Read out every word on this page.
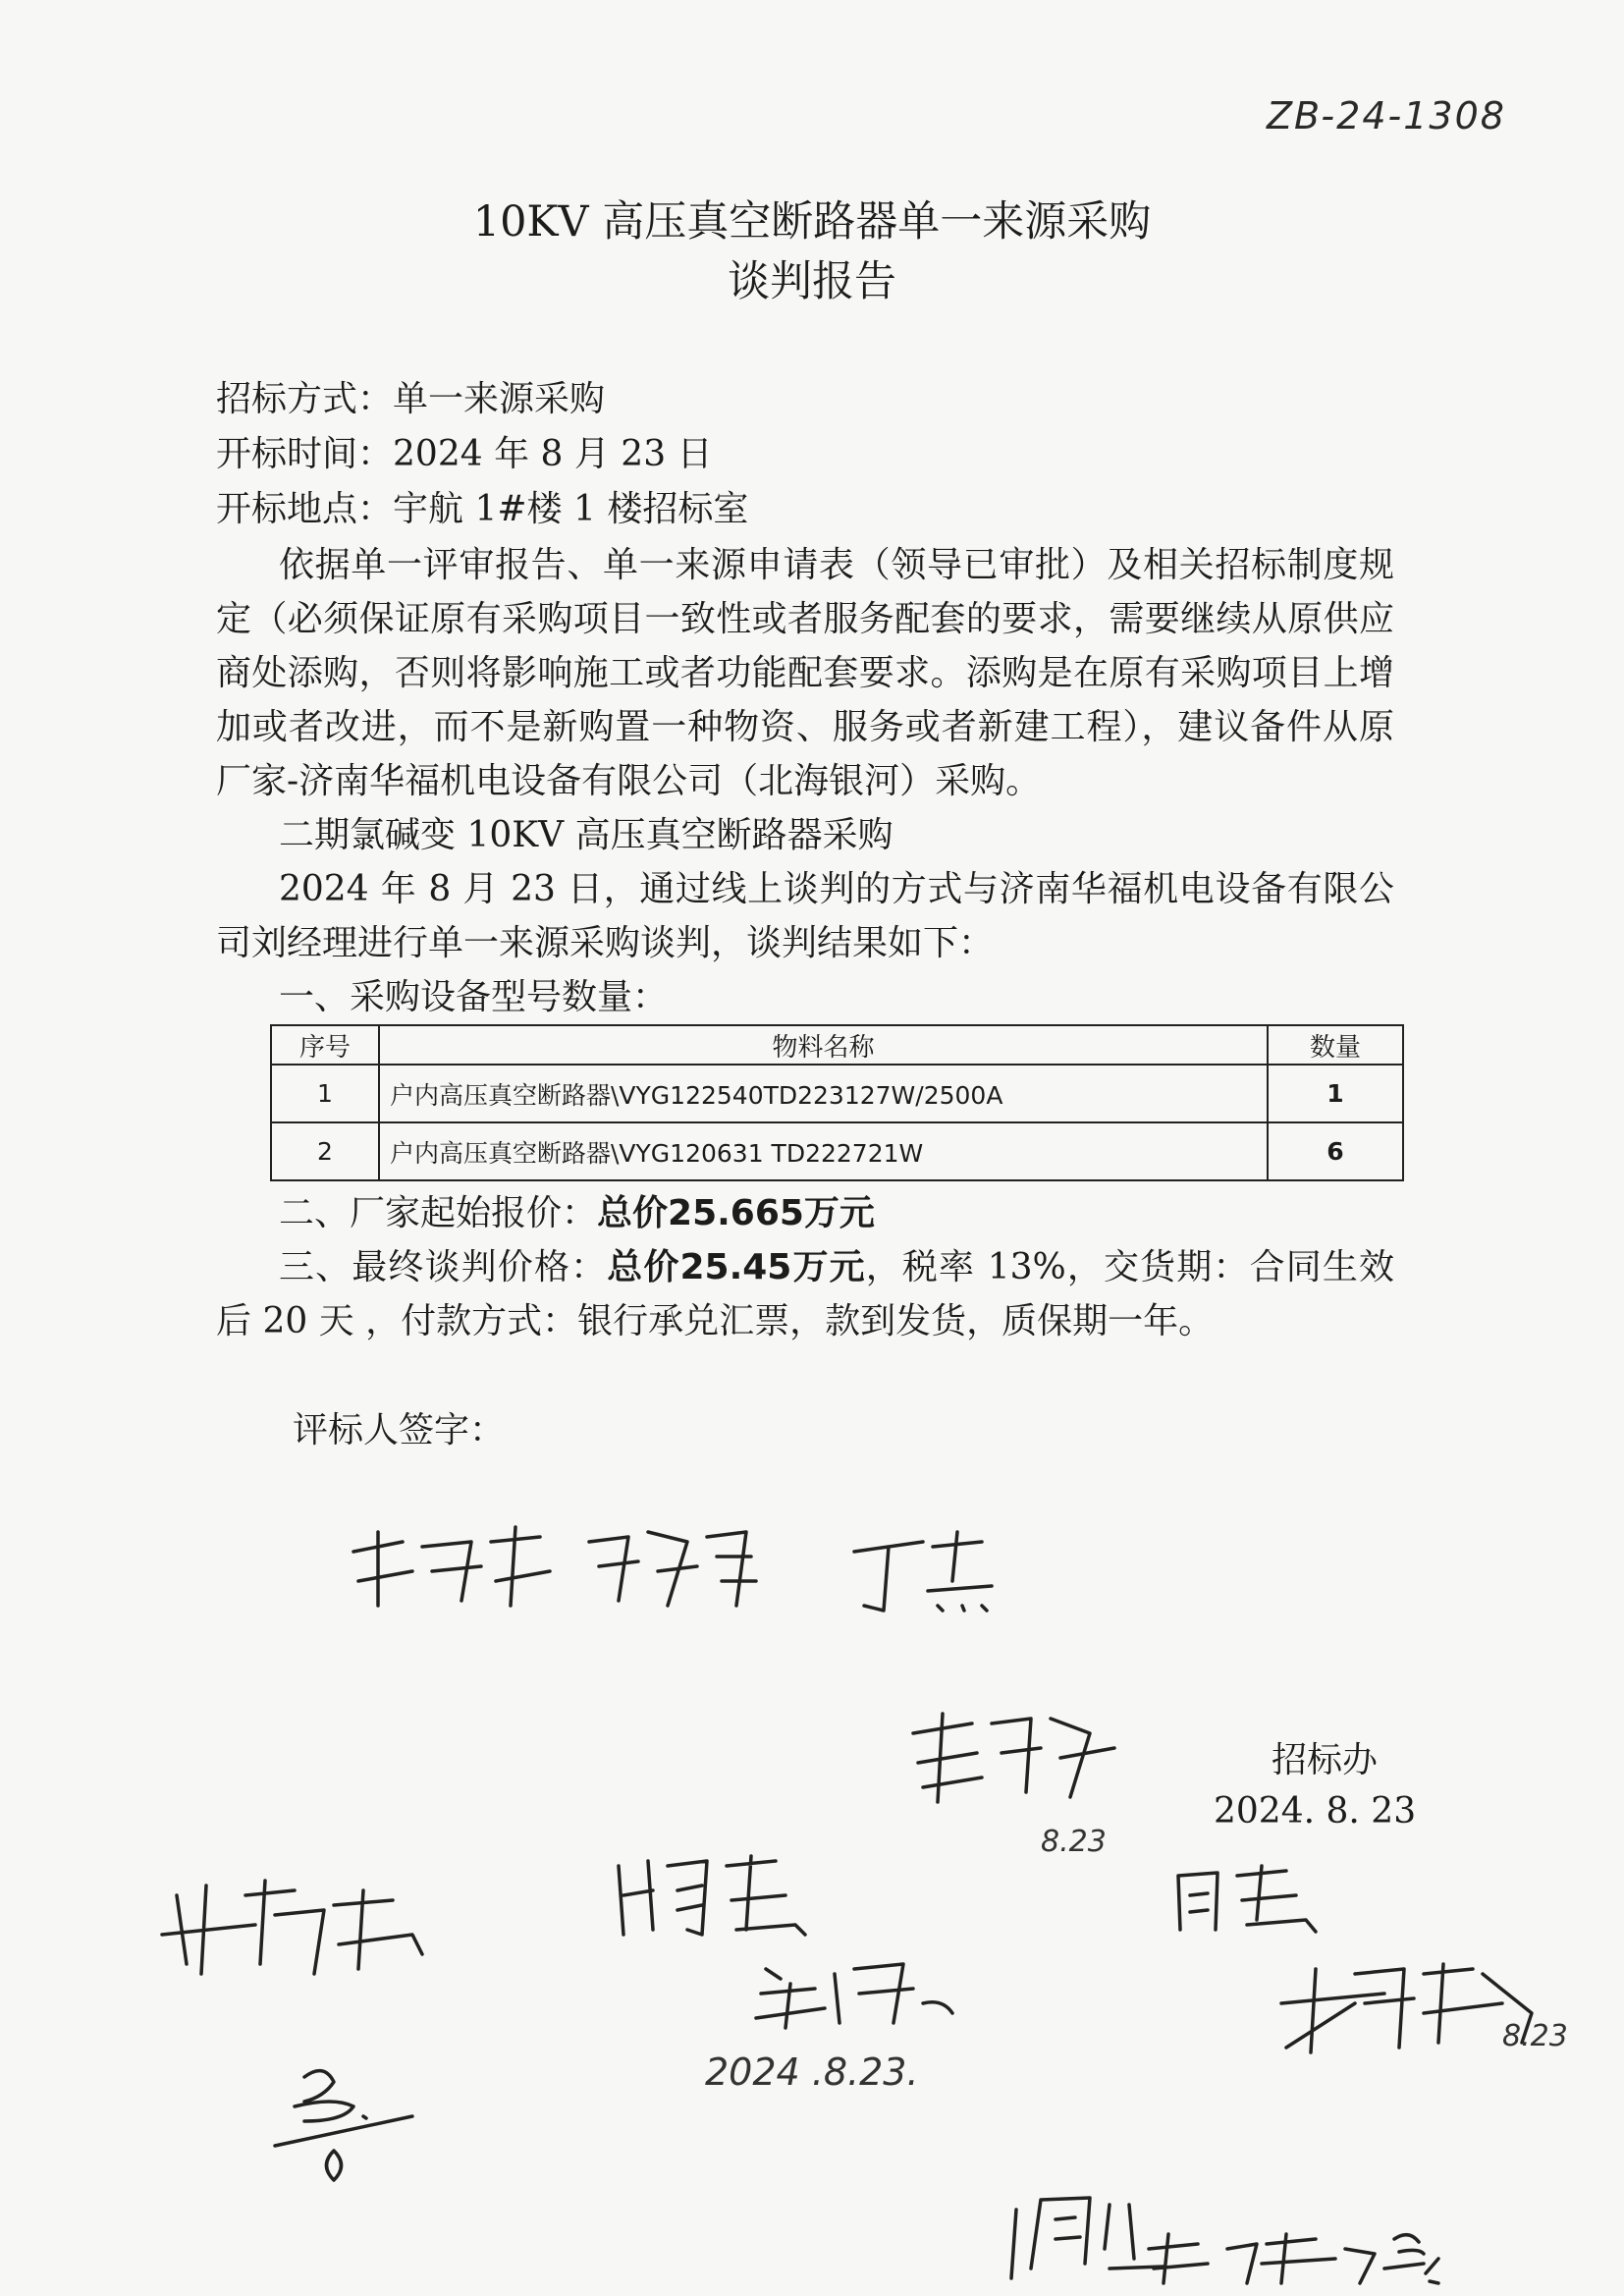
ZB-24-1308
10KV 高压真空断路器单一来源采购
谈判报告
招标方式：单一来源采购
开标时间：2024 年 8 月 23 日
开标地点：宇航 1#楼 1 楼招标室

依据单一评审报告、单一来源申请表（领导已审批）及相关招标制度规定（必须保证原有采购项目一致性或者服务配套的要求，需要继续从原供应商处添购，否则将影响施工或者功能配套要求。添购是在原有采购项目上增加或者改进，而不是新购置一种物资、服务或者新建工程），建议备件从原厂家-济南华福机电设备有限公司（北海银河）采购。

二期氯碱变 10KV 高压真空断路器采购

2024 年 8 月 23 日，通过线上谈判的方式与济南华福机电设备有限公司刘经理进行单一来源采购谈判，谈判结果如下：

一、采购设备型号数量：

序号	物料名称	数量
1	户内高压真空断路器\VYG122540TD223127W/2500A	1
2	户内高压真空断路器\VYG120631 TD222721W	6

二、厂家起始报价：总价25.665万元

三、最终谈判价格：总价25.45万元，税率 13%，交货期：合同生效后 20 天 ，付款方式：银行承兑汇票，款到发货，质保期一年。

评标人签字：
招标办
2024. 8. 23
8.23
2024 .8.23.
8.23
